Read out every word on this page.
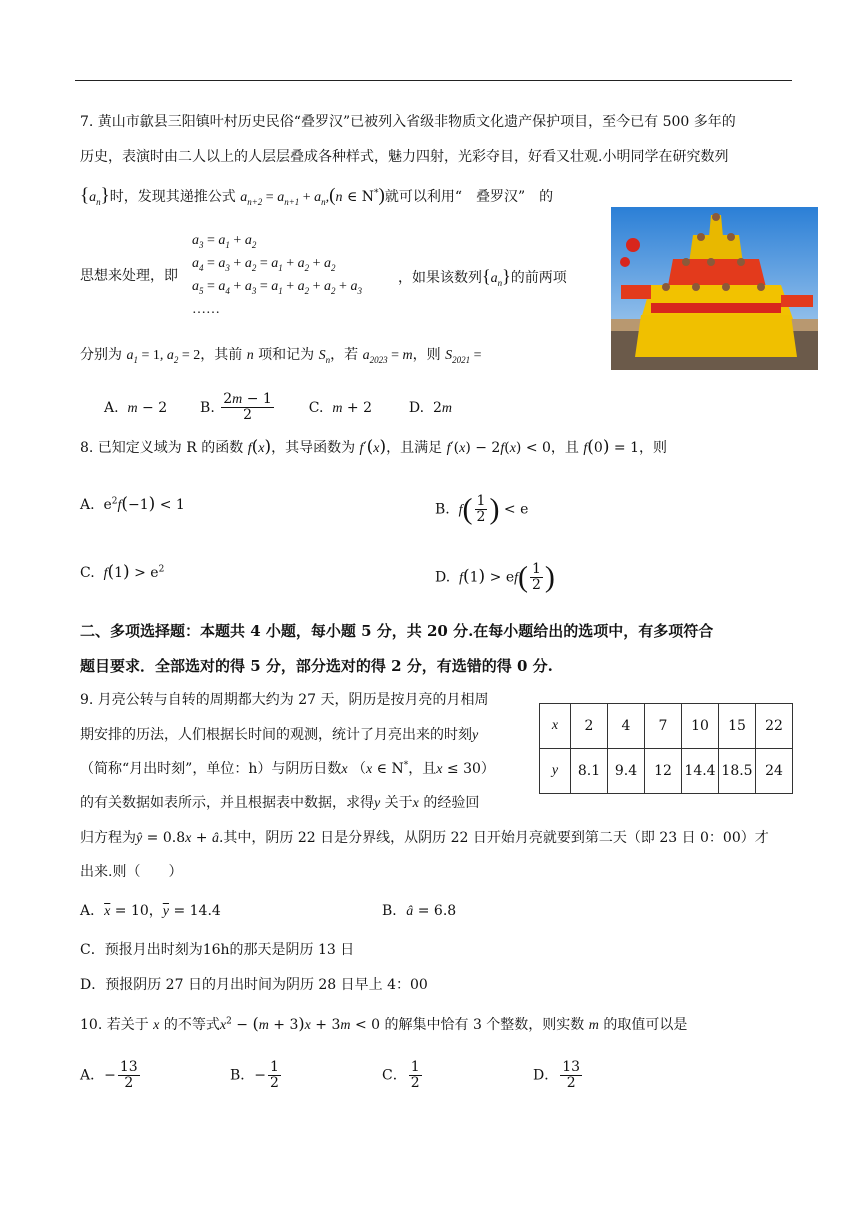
7. 黄山市歙县三阳镇叶村历史民俗“叠罗汉”已被列入省级非物质文化遗产保护项目，至今已有 500 多年的
历史，表演时由二人以上的人层层叠成各种样式，魅力四射，光彩夺目，好看又壮观.小明同学在研究数列
$\{a_n\}$时，发现其递推公式 $a_{n+2} = a_{n+1} + a_n,(n$ ∈ N*)就可以利用“　叠罗汉”　的
$a_3 = a_1 + a_2$
$a_4 = a_3 + a_2 = a_1 + a_2 + a_2$
$a_5 = a_4 + a_3 = a_1 + a_2 + a_2 + a_3$
……
思想来处理，即	，如果该数列$\{a_n\}$的前两项
分别为 $a_1 = 1$, $a_2 = 2$，其前 n 项和记为 $S_n$，若 $a_{2023} = m$，则 $S_{2021}$ =
A. m − 2 B. $\frac{2m - 1}{2} C$. m + 2	D.  2m
8. 已知定义域为 R 的函数 f(x)，其导函数为 f′(x)，且满足 f′(x) − 2f(x) < 0，且 f(0) = 1，则
A.  $e^2f(-1) < 1$	B. $f( \frac{1}{2}$ ) < e
C. $f(1) > e^2$
D. $f(1) > ef( \frac{1}{2}$ )
二、多项选择题：本题共 4 小题，每小题 5 分，共 20 分.在每小题给出的选项中，有多项符合
题目要求．全部选对的得 5 分，部分选对的得 2 分，有选错的得 0 分.
9. 月亮公转与自转的周期都大约为 27 天，阴历是按月亮的月相周
期安排的历法，人们根据长时间的观测，统计了月亮出来的时刻y
（简称“月出时刻”，单位：h）与阴历日数x （x ∈ N*，且x ≤ 30）
的有关数据如表所示，并且根据表中数据，求得y 关于x 的经验回
归方程为ŷ = 0.8x + â.其中，阴历 22 日是分界线，从阴历 22 日开始月亮就要到第二天（即 23 日 0：00）才
出来.则（　　）
x	2	4	7	10	15	22
y	8.1	9.4	12	14.4	18.5	24
A．$\overline{x} = 10$，$\overline{y} = 14.4$	B．â = 6.8
C．预报月出时刻为16h的那天是阴历 13 日
D．预报阴历 27 日的月出时间为阴历 28 日早上 4：00
10. 若关于 x 的不等式$x^2 - (m + 3)x + 3m < 0$ 的解集中恰有 3 个整数，则实数 m 的取值可以是
A．− $\frac{13}{2}$	B．− $\frac{1}{2}$	C． $\frac{1}{2}$	D． $\frac{13}{2}$
